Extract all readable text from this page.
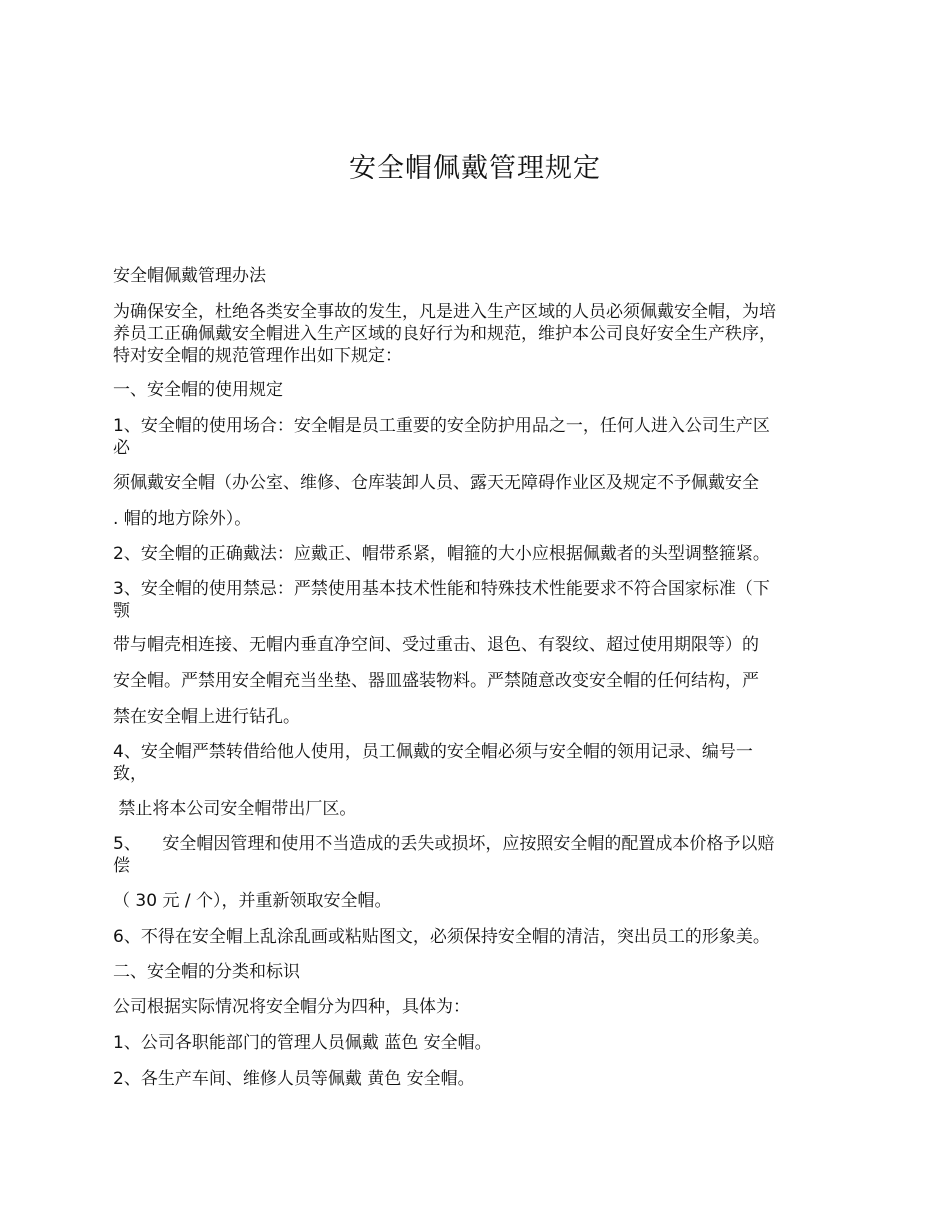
安全帽佩戴管理规定

安全帽佩戴管理办法

为确保安全，杜绝各类安全事故的发生，凡是进入生产区域的人员必须佩戴安全帽，为培

养员工正确佩戴安全帽进入生产区域的良好行为和规范，维护本公司良好安全生产秩序，

特对安全帽的规范管理作出如下规定：

一、安全帽的使用规定

1、安全帽的使用场合：安全帽是员工重要的安全防护用品之一，任何人进入公司生产区

必

须佩戴安全帽（办公室、维修、仓库装卸人员、露天无障碍作业区及规定不予佩戴安全

. 帽的地方除外）。

2、安全帽的正确戴法：应戴正、帽带系紧，帽箍的大小应根据佩戴者的头型调整箍紧。

3、安全帽的使用禁忌：严禁使用基本技术性能和特殊技术性能要求不符合国家标准（下

颚

带与帽壳相连接、无帽内垂直净空间、受过重击、退色、有裂纹、超过使用期限等）的

安全帽。严禁用安全帽充当坐垫、器皿盛装物料。严禁随意改变安全帽的任何结构，严

禁在安全帽上进行钻孔。

4、安全帽严禁转借给他人使用，员工佩戴的安全帽必须与安全帽的领用记录、编号一

致，

禁止将本公司安全帽带出厂区。

5、    安全帽因管理和使用不当造成的丢失或损坏，应按照安全帽的配置成本价格予以赔

偿

（ 30 元 / 个），并重新领取安全帽。

6、不得在安全帽上乱涂乱画或粘贴图文，必须保持安全帽的清洁，突出员工的形象美。

二、安全帽的分类和标识

公司根据实际情况将安全帽分为四种，具体为：

1、公司各职能部门的管理人员佩戴 蓝色 安全帽。

2、各生产车间、维修人员等佩戴 黄色 安全帽。
